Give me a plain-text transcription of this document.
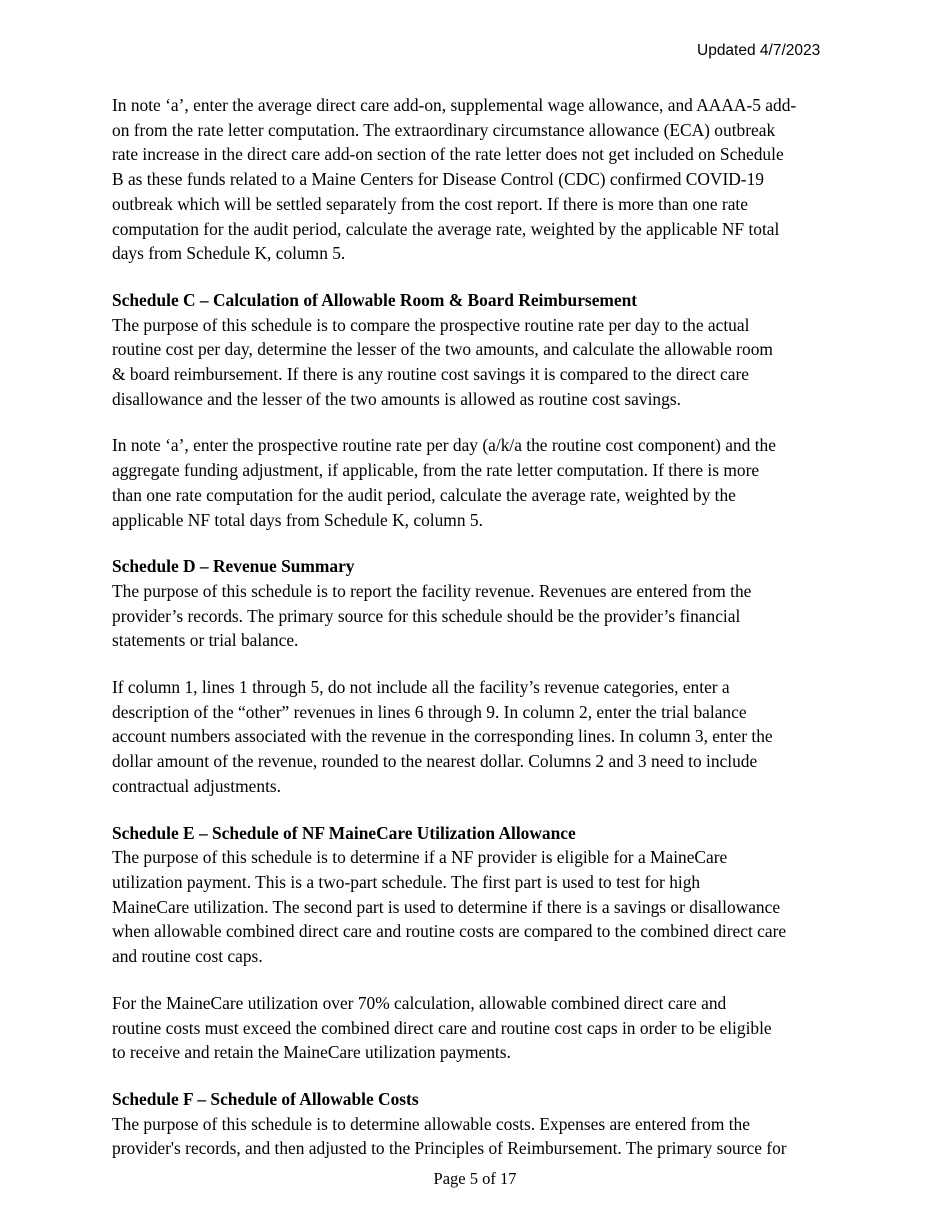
Updated 4/7/2023
In note ‘a’, enter the average direct care add-on, supplemental wage allowance, and AAAA-5 add-
on from the rate letter computation. The extraordinary circumstance allowance (ECA) outbreak
rate increase in the direct care add-on section of the rate letter does not get included on Schedule
B as these funds related to a Maine Centers for Disease Control (CDC) confirmed COVID-19
outbreak which will be settled separately from the cost report. If there is more than one rate
computation for the audit period, calculate the average rate, weighted by the applicable NF total
days from Schedule K, column 5.
Schedule C – Calculation of Allowable Room & Board Reimbursement
The purpose of this schedule is to compare the prospective routine rate per day to the actual
routine cost per day, determine the lesser of the two amounts, and calculate the allowable room
& board reimbursement. If there is any routine cost savings it is compared to the direct care
disallowance and the lesser of the two amounts is allowed as routine cost savings.
In note ‘a’, enter the prospective routine rate per day (a/k/a the routine cost component) and the
aggregate funding adjustment, if applicable, from the rate letter computation. If there is more
than one rate computation for the audit period, calculate the average rate, weighted by the
applicable NF total days from Schedule K, column 5.
Schedule D – Revenue Summary
The purpose of this schedule is to report the facility revenue. Revenues are entered from the
provider’s records. The primary source for this schedule should be the provider’s financial
statements or trial balance.
If column 1, lines 1 through 5, do not include all the facility’s revenue categories, enter a
description of the “other” revenues in lines 6 through 9. In column 2, enter the trial balance
account numbers associated with the revenue in the corresponding lines. In column 3, enter the
dollar amount of the revenue, rounded to the nearest dollar. Columns 2 and 3 need to include
contractual adjustments.
Schedule E – Schedule of NF MaineCare Utilization Allowance
The purpose of this schedule is to determine if a NF provider is eligible for a MaineCare
utilization payment. This is a two-part schedule. The first part is used to test for high
MaineCare utilization. The second part is used to determine if there is a savings or disallowance
when allowable combined direct care and routine costs are compared to the combined direct care
and routine cost caps.
For the MaineCare utilization over 70% calculation, allowable combined direct care and
routine costs must exceed the combined direct care and routine cost caps in order to be eligible
to receive and retain the MaineCare utilization payments.
Schedule F – Schedule of Allowable Costs
The purpose of this schedule is to determine allowable costs. Expenses are entered from the
provider's records, and then adjusted to the Principles of Reimbursement. The primary source for
Page 5 of 17
